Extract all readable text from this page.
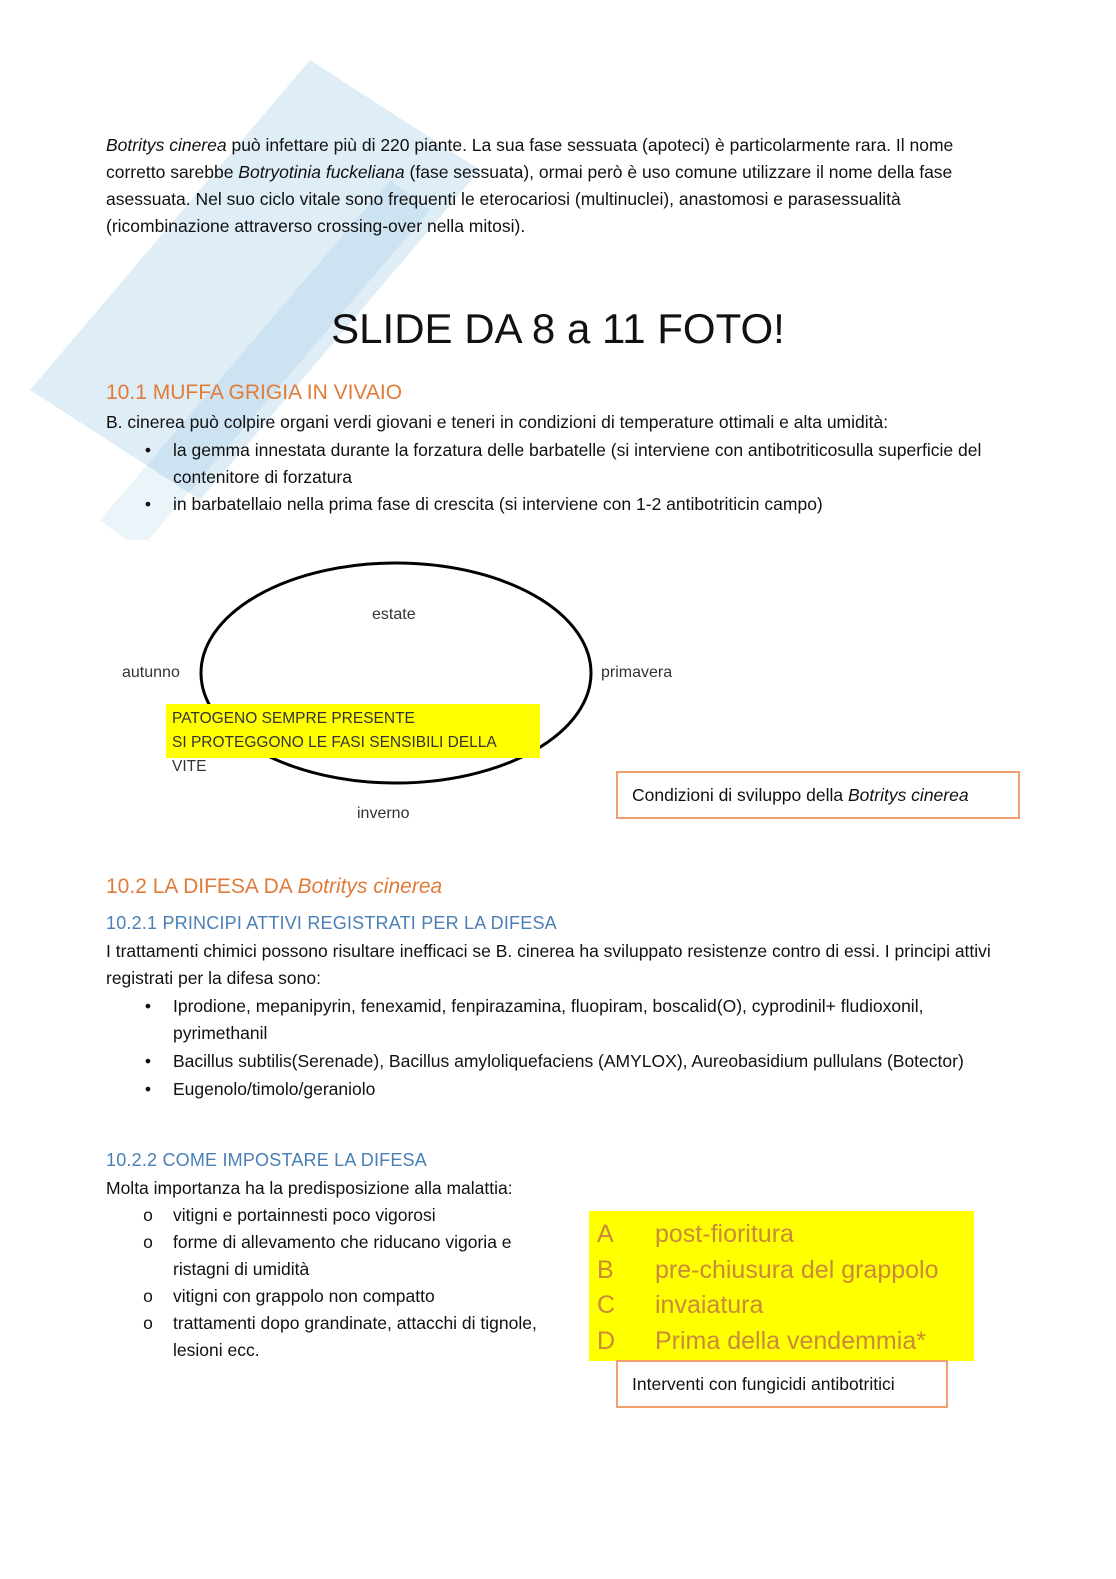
Botritys cinerea può infettare più di 220 piante. La sua fase sessuata (apoteci) è particolarmente rara. Il nome corretto sarebbe Botryotinia fuckeliana (fase sessuata), ormai però è uso comune utilizzare il nome della fase asessuata. Nel suo ciclo vitale sono frequenti le eterocariosi (multinuclei), anastomosi e parasessualità (ricombinazione attraverso crossing-over nella mitosi).

SLIDE DA 8 a 11 FOTO!
10.1 MUFFA GRIGIA IN VIVAIO

B. cinerea può colpire organi verdi giovani e teneri in condizioni di temperature ottimali e alta umidità:

•	la gemma innestata durante la forzatura delle barbatelle (si interviene con antibotriticosulla superficie del contenitore di forzatura
•	in barbatellaio nella prima fase di crescita (si interviene con 1-2 antibotriticin campo)

estate

autunno	primavera

inverno

PATOGENO SEMPRE PRESENTE
SI PROTEGGONO LE FASI SENSIBILI DELLA VITE
Condizioni di sviluppo della Botritys cinerea
10.2 LA DIFESA DA Botritys cinerea
10.2.1 PRINCIPI ATTIVI REGISTRATI PER LA DIFESA

I trattamenti chimici possono risultare inefficaci se B. cinerea ha sviluppato resistenze contro di essi. I principi attivi registrati per la difesa sono:

•	Iprodione, mepanipyrin, fenexamid, fenpirazamina, fluopiram, boscalid(O), cyprodinil+ fludioxonil, pyrimethanil
•	Bacillus subtilis(Serenade), Bacillus amyloliquefaciens (AMYLOX), Aureobasidium pullulans (Botector)
•	Eugenolo/timolo/geraniolo
10.2.2 COME IMPOSTARE LA DIFESA

Molta importanza ha la predisposizione alla malattia:

o vitigni e portainnesti poco vigorosi
o forme di allevamento che riducano vigoria e ristagni di umidità
o vitigni con grappolo non compatto
o trattamenti dopo grandinate, attacchi di tignole, lesioni ecc.
A	post-fioritura
B	pre-chiusura del grappolo
C	invaiatura
D	Prima della vendemmia*
Interventi con fungicidi antibotritici
